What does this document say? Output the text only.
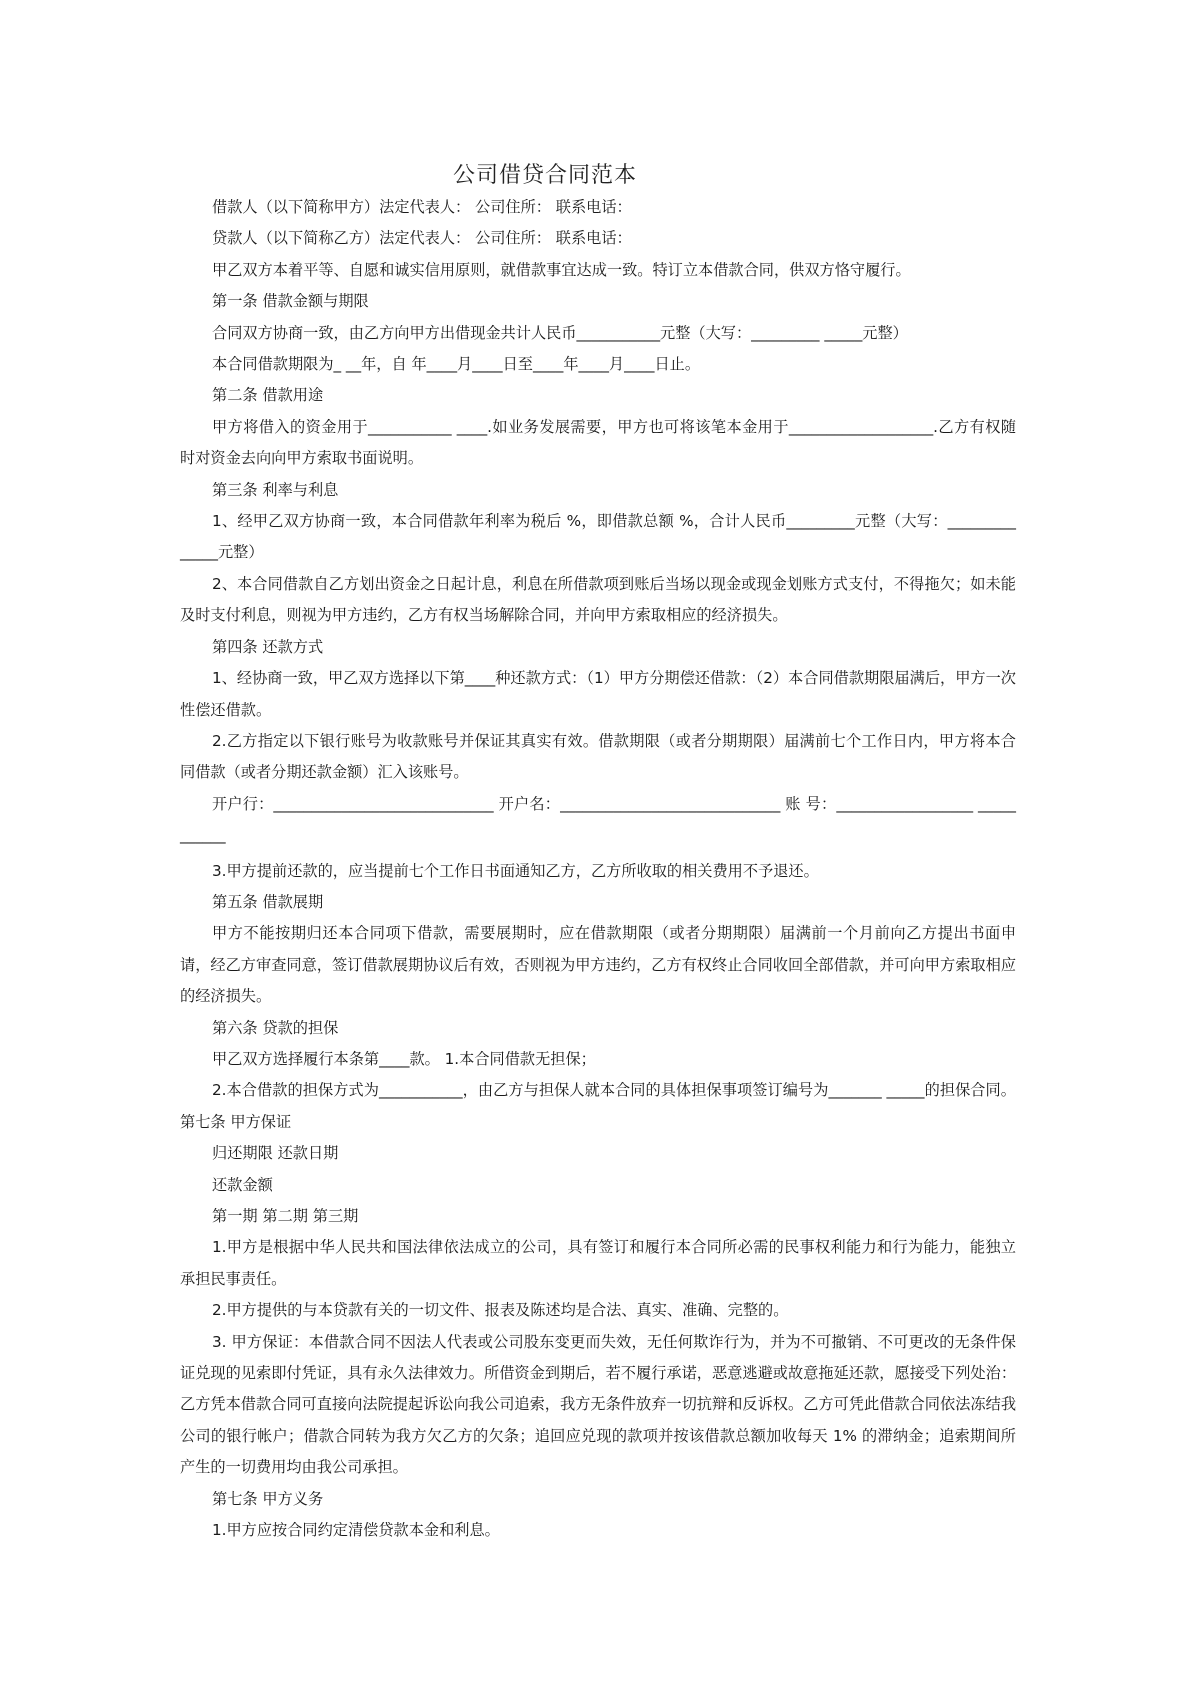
公司借贷合同范本

借款人（以下简称甲方）法定代表人： 公司住所： 联系电话：

贷款人（以下简称乙方）法定代表人： 公司住所： 联系电话：

甲乙双方本着平等、自愿和诚实信用原则，就借款事宜达成一致。特订立本借款合同，供双方恪守履行。

第一条 借款金额与期限

合同双方协商一致，由乙方向甲方出借现金共计人民币___________元整（大写：_________ _____元整）

本合同借款期限为_ __年，自 年____月____日至____年____月____日止。

第二条 借款用途

甲方将借入的资金用于___________ ____.如业务发展需要，甲方也可将该笔本金用于___________________.乙方有权随时对资金去向向甲方索取书面说明。

第三条 利率与利息

1、经甲乙双方协商一致，本合同借款年利率为税后 %，即借款总额 %，合计人民币_________元整（大写：_________ _____元整）

2、本合同借款自乙方划出资金之日起计息，利息在所借款项到账后当场以现金或现金划账方式支付，不得拖欠；如未能及时支付利息，则视为甲方违约，乙方有权当场解除合同，并向甲方索取相应的经济损失。

第四条 还款方式

1、经协商一致，甲乙双方选择以下第____种还款方式：（1）甲方分期偿还借款：（2）本合同借款期限届满后，甲方一次性偿还借款。

2.乙方指定以下银行账号为收款账号并保证其真实有效。借款期限（或者分期期限）届满前七个工作日内，甲方将本合同借款（或者分期还款金额）汇入该账号。

开户行：_____________________________ 开户名：_____________________________ 账 号：__________________ ___________

3.甲方提前还款的，应当提前七个工作日书面通知乙方，乙方所收取的相关费用不予退还。

第五条 借款展期

甲方不能按期归还本合同项下借款，需要展期时，应在借款期限（或者分期期限）届满前一个月前向乙方提出书面申请，经乙方审查同意，签订借款展期协议后有效，否则视为甲方违约，乙方有权终止合同收回全部借款，并可向甲方索取相应的经济损失。

第六条 贷款的担保

甲乙双方选择履行本条第____款。 1.本合同借款无担保；

2.本合借款的担保方式为___________，由乙方与担保人就本合同的具体担保事项签订编号为_______ _____的担保合同。 第七条 甲方保证

归还期限 还款日期

还款金额

第一期 第二期 第三期

1.甲方是根据中华人民共和国法律依法成立的公司，具有签订和履行本合同所必需的民事权利能力和行为能力，能独立承担民事责任。

2.甲方提供的与本贷款有关的一切文件、报表及陈述均是合法、真实、准确、完整的。

3. 甲方保证：本借款合同不因法人代表或公司股东变更而失效，无任何欺诈行为，并为不可撤销、不可更改的无条件保证兑现的见索即付凭证，具有永久法律效力。所借资金到期后，若不履行承诺，恶意逃避或故意拖延还款，愿接受下列处治：乙方凭本借款合同可直接向法院提起诉讼向我公司追索，我方无条件放弃一切抗辩和反诉权。乙方可凭此借款合同依法冻结我公司的银行帐户；借款合同转为我方欠乙方的欠条；追回应兑现的款项并按该借款总额加收每天 1% 的滞纳金；追索期间所产生的一切费用均由我公司承担。

第七条 甲方义务

1.甲方应按合同约定清偿贷款本金和利息。
